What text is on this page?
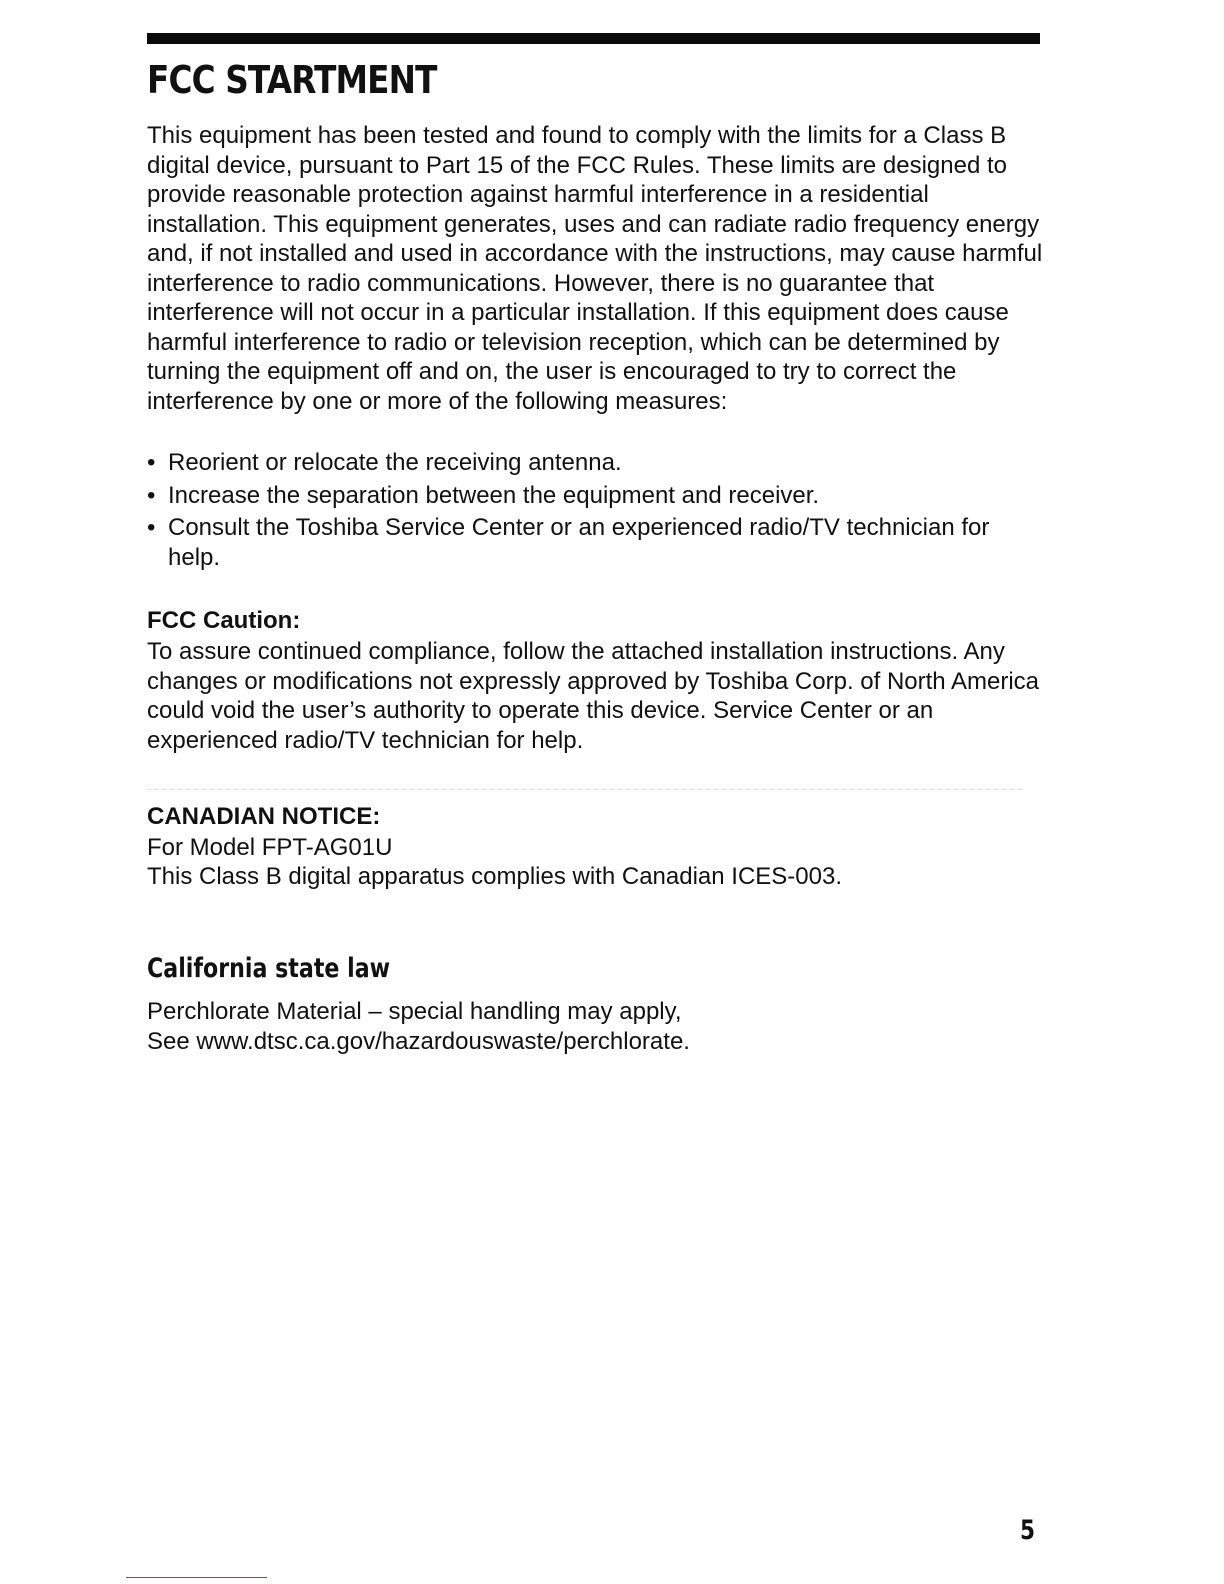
FCC STARTMENT

This equipment has been tested and found to comply with the limits for a Class B digital device, pursuant to Part 15 of the FCC Rules. These limits are designed to provide reasonable protection against harmful interference in a residential installation. This equipment generates, uses and can radiate radio frequency energy and, if not installed and used in accordance with the instructions, may cause harmful interference to radio communications. However, there is no guarantee that interference will not occur in a particular installation. If this equipment does cause harmful interference to radio or television reception, which can be determined by turning the equipment off and on, the user is encouraged to try to correct the interference by one or more of the following measures:

• Reorient or relocate the receiving antenna.
• Increase the separation between the equipment and receiver.
• Consult the Toshiba Service Center or an experienced radio/TV technician for help.
FCC Caution:

To assure continued compliance, follow the attached installation instructions. Any changes or modifications not expressly approved by Toshiba Corp. of North America could void the user’s authority to operate this device. Service Center or an experienced radio/TV technician for help.

CANADIAN NOTICE:

For Model FPT-AG01U

This Class B digital apparatus complies with Canadian ICES-003.

California state law

Perchlorate Material – special handling may apply,

See www.dtsc.ca.gov/hazardouswaste/perchlorate.

5
